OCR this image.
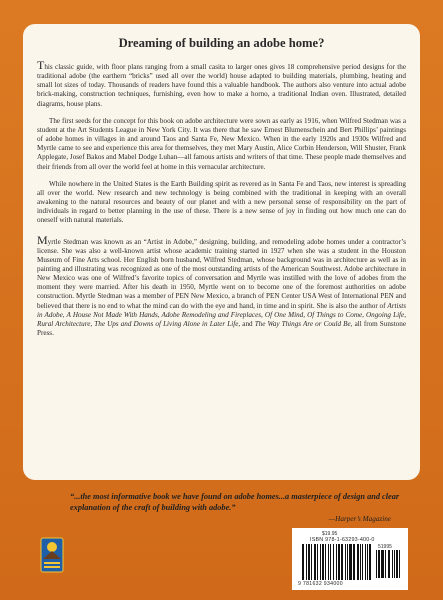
Dreaming of building an adobe home?

This classic guide, with floor plans ranging from a small casita to larger ones gives 18 comprehensive period designs for the traditional adobe (the earthern “bricks” used all over the world) house adapted to building materials, plumbing, heating and small lot sizes of today. Thousands of readers have found this a valuable handbook. The authors also venture into actual adobe brick-making, construction techniques, furnishing, even how to make a horno, a traditional Indian oven. Illustrated, detailed diagrams, house plans.

The first seeds for the concept for this book on adobe architecture were sown as early as 1916, when Wilfred Stedman was a student at the Art Students League in New York City. It was there that he saw Ernest Blumenschein and Bert Phillips’ paintings of adobe homes in villages in and around Taos and Santa Fe, New Mexico. When in the early 1920s and 1930s Wilfred and Myrtle came to see and experience this area for themselves, they met Mary Austin, Alice Corbin Henderson, Will Shuster, Frank Applegate, Josef Bakos and Mabel Dodge Luhan—all famous artists and writers of that time. These people made themselves and their friends from all over the world feel at home in this vernacular architecture.

While nowhere in the United States is the Earth Building spirit as revered as in Santa Fe and Taos, new interest is spreading all over the world. New research and new technology is being combined with the traditional in keeping with an overall awakening to the natural resources and beauty of our planet and with a new personal sense of responsibility on the part of individuals in regard to better planning in the use of these. There is a new sense of joy in finding out how much one can do oneself with natural materials.

Myrtle Stedman was known as an “Artist in Adobe,” designing, building, and remodeling adobe homes under a contractor’s license. She was also a well-known artist whose academic training started in 1927 when she was a student in the Houston Museum of Fine Arts school. Her English born husband, Wilfred Stedman, whose background was in architecture as well as in painting and illustrating was recognized as one of the most outstanding artists of the American Southwest. Adobe architecture in New Mexico was one of Wilfred’s favorite topics of conversation and Myrtle was instilled with the love of adobes from the moment they were married. After his death in 1950, Myrtle went on to become one of the foremost authorities on adobe construction. Myrtle Stedman was a member of PEN New Mexico, a branch of PEN Center USA West of International PEN and believed that there is no end to what the mind can do with the eye and hand, in time and in spirit. She is also the author of Artists in Adobe, A House Not Made With Hands, Adobe Remodeling and Fireplaces, Of One Mind, Of Things to Come, Ongoing Life, Rural Architecture, The Ups and Downs of Living Alone in Later Life, and The Way Things Are or Could Be, all from Sunstone Press.

“...the most informative book we have found on adobe homes...a masterpiece of design and clear explanation of the craft of building with adobe.”
—Harper’s Magazine
$19.95
ISBN 978-1-63293-400-0
51995
9 781632 934000
